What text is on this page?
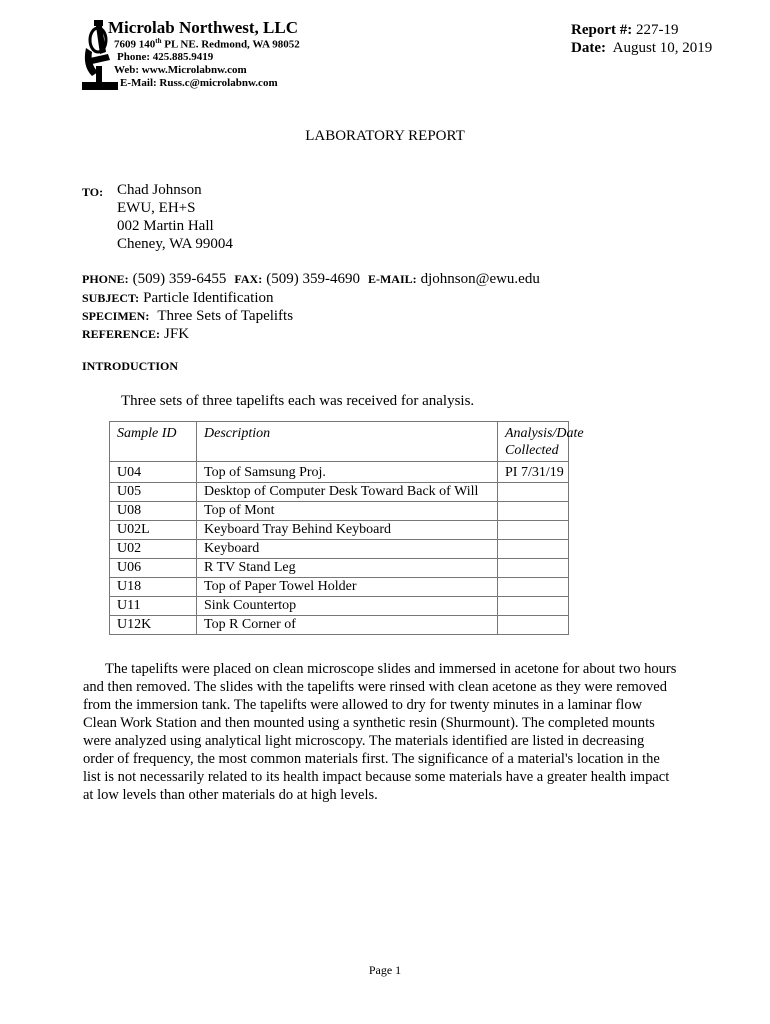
Microlab Northwest, LLC
7609 140th PL NE. Redmond, WA 98052
Phone: 425.885.9419
Web: www.Microlabnw.com
E-Mail: Russ.c@microlabnw.com
Report #: 227-19
Date: August 10, 2019
LABORATORY REPORT
TO: Chad Johnson
EWU, EH+S
002 Martin Hall
Cheney, WA 99004
PHONE: (509) 359-6455 FAX: (509) 359-4690 E-MAIL: djohnson@ewu.edu
SUBJECT: Particle Identification
SPECIMEN: Three Sets of Tapelifts
REFERENCE: JFK
INTRODUCTION
Three sets of three tapelifts each was received for analysis.
Sample ID	Description	Analysis/Date Collected
U04	Top of Samsung Proj.	PI 7/31/19
U05	Desktop of Computer Desk Toward Back of Will	
U08	Top of Mont	
U02L	Keyboard Tray Behind Keyboard	
U02	Keyboard	
U06	R TV Stand Leg	
U18	Top of Paper Towel Holder	
U11	Sink Countertop	
U12K	Top R Corner of	
The tapelifts were placed on clean microscope slides and immersed in acetone for about two hours
and then removed. The slides with the tapelifts were rinsed with clean acetone as they were removed
from the immersion tank. The tapelifts were allowed to dry for twenty minutes in a laminar flow
Clean Work Station and then mounted using a synthetic resin (Shurmount). The completed mounts
were analyzed using analytical light microscopy. The materials identified are listed in decreasing
order of frequency, the most common materials first. The significance of a material's location in the
list is not necessarily related to its health impact because some materials have a greater health impact
at low levels than other materials do at high levels.
Page 1
